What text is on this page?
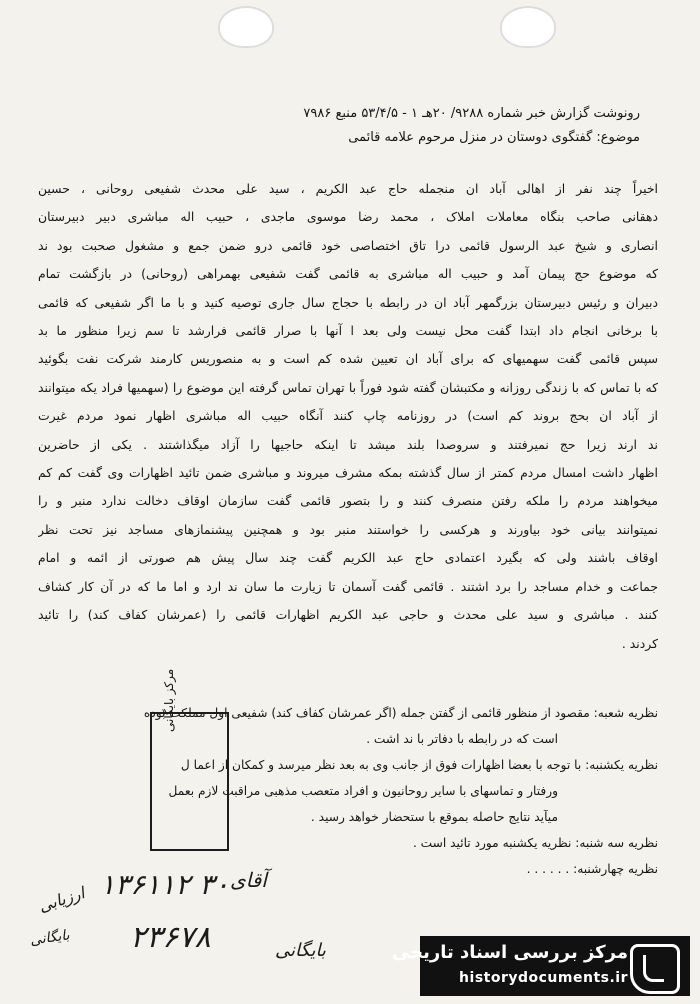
رونوشت گزارش خبر شماره ۹۲۸۸/ ۲۰هـ ۱ - ۵۳/۴/۵ منبع ۷۹۸۶
موضوع: گفتگوی دوستان در منزل مرحوم علامه قائمی
اخیراً چند نفر از اهالی آباد ان منجمله حاج عبد الکریم ، سید علی محدث شفیعی روحانی ، حسین
دهقانی صاحب بنگاه معاملات املاک ، محمد رضا موسوی ماجدی ، حبیب اله مباشری دبیر دبیرستان
انصاری و شیخ عبد الرسول قائمی درا تاق اختصاصی خود قائمی درو ضمن جمع و مشغول صحبت بود ند
که موضوع حج پیمان آمد و حبیب اله مباشری به قائمی گفت شفیعی بهمراهی (روحانی) در بازگشت تمام
دبیران و رئیس دبیرستان بزرگمهر آباد ان در رابطه با حجاج سال جاری توصیه کنید و با ما اگر شفیعی که قائمی
با برخانی انجام داد ابتدا گفت محل نیست ولی بعد ا آنها با صرار قائمی فرارشد تا سم زیرا منظور ما بد
سپس قائمی گفت سهمیهای که برای آباد ان تعیین شده کم است و به منصوریس کارمند شرکت نفت بگوئید
که با تماس که با زندگی روزانه و مکتبشان گفته شود فوراً با تهران تماس گرفته این موضوع را (سهمیها فراد یکه میتوانند
از آباد ان بحج بروند کم است) در روزنامه چاپ کنند آنگاه حبیب اله مباشری اظهار نمود مردم غیرت
ند ارند زیرا حج نمیرفتند و سروصدا بلند میشد تا اینکه حاجیها را آزاد میگذاشتند . یکی از حاضرین
اظهار داشت امسال مردم کمتر از سال گذشته بمکه مشرف میروند و مباشری ضمن تائید اظهارات وی گفت کم کم
میخواهند مردم را ملکه رفتن منصرف کنند و را بتصور قائمی گفت سازمان اوقاف دخالت ندارد منبر و را
نمیتوانند بیانی خود بیاورند و هرکسی را خواستند منبر بود و همچنین پیشنمازهای مساجد نیز تحت نظر
اوقاف باشند ولی که بگیرد اعتمادی حاج عبد الکریم گفت چند سال پیش هم صورتی از ائمه و امام
جماعت و خدام مساجد را برد اشتند . قائمی گفت آسمان تا زیارت ما سان ند ارد و اما ما که در آن کار کشاف
کنند . مباشری و سید علی محدث و حاجی عبد الکریم اظهارات قائمی را (عمرشان کفاف کند) را تائید
کردند .
نظریه شعبه: مقصود از منظور قائمی از گفتن جمله (اگر عمرشان کفاف کند) شفیعی اول مملکت بوده
است که در رابطه با دفاتر با ند اشت .
نظریه یکشنبه: با توجه با بعضا اظهارات فوق از جانب وی به بعد نظر میرسد و کمکان از اعما ل
ورفتار و تماسهای با سایر روحانیون و افراد متعصب مذهبی مراقبت لازم بعمل
میآید نتایج حاصله بموقع با ستحضار خواهد رسید .
نظریه سه شنبه: نظریه یکشنبه مورد تائید است .
نظریه چهارشنبه: . . . . . .
مرکز بایگانی
۱۳۶۱۱۲ ۳۰
۲۳۶۷۸
آقای
بایگانی
ارزیابی
بایگانی
مرکز بررسی اسناد تاریخی
historydocuments.ir
